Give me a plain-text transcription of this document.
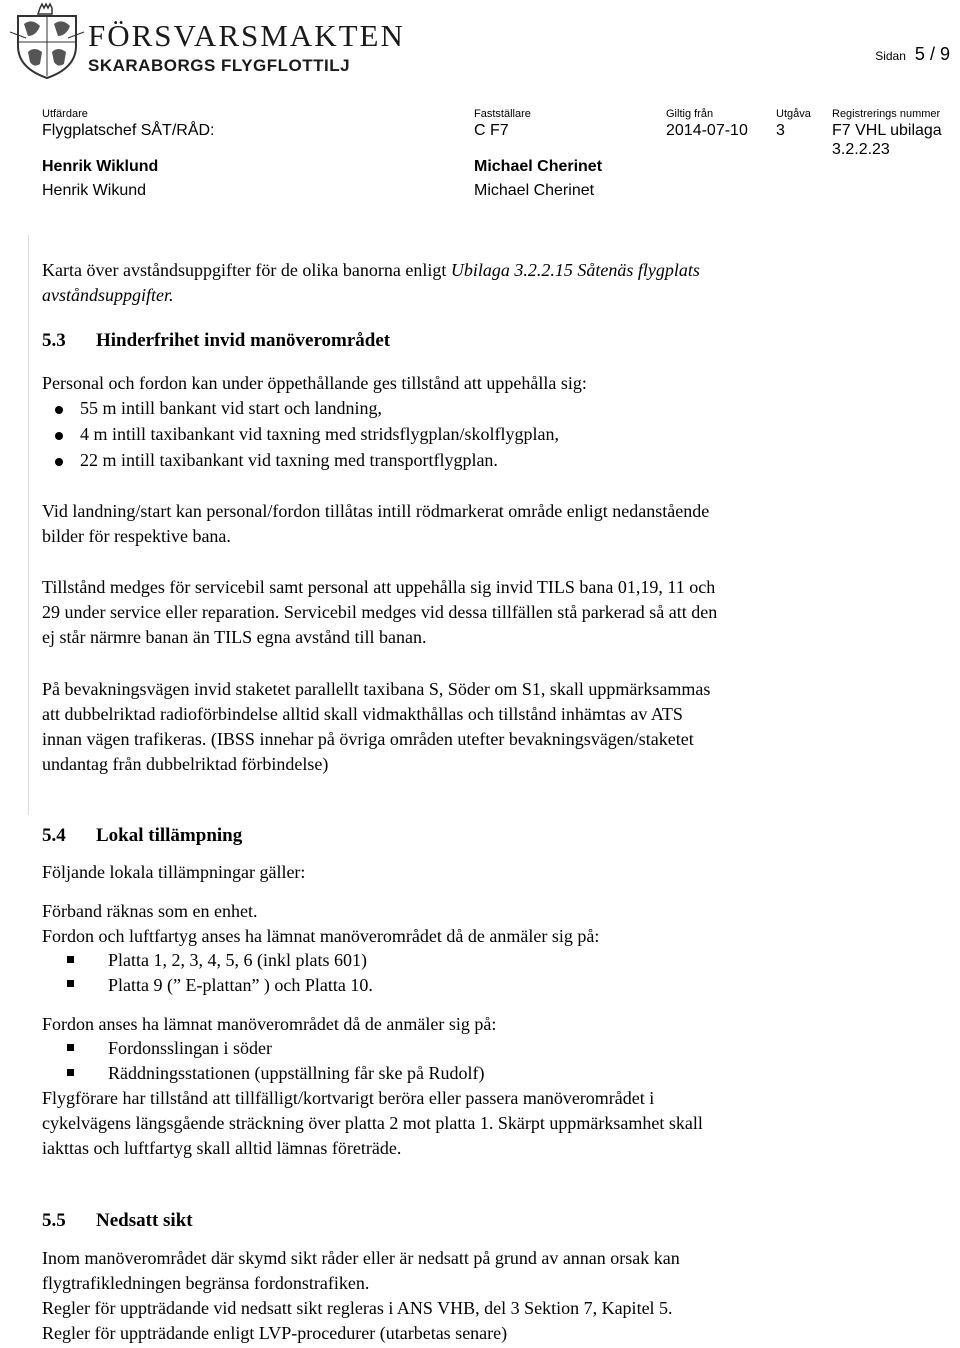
FÖRSVARSMAKTEN
SKARABORGS FLYGFLOTTILJ	Sidan 5 / 9
Utfärdare
Flygplatschef SÅT/RÅD:
Henrik Wiklund
Henrik Wikund
Fastställare
C F7
Michael Cherinet
Michael Cherinet
Giltig från
2014-07-10
Utgåva
3
Registrerings nummer
F7 VHL ubilaga
3.2.2.23
Karta över avståndsuppgifter för de olika banorna enligt Ubilaga 3.2.2.15 Såtenäs flygplats
avståndsuppgifter.
5.3 Hinderfrihet invid manöverområdet
Personal och fordon kan under öppethållande ges tillstånd att uppehålla sig:
55 m intill bankant vid start och landning,
4 m intill taxibankant vid taxning med stridsflygplan/skolflygplan,
22 m intill taxibankant vid taxning med transportflygplan.
Vid landning/start kan personal/fordon tillåtas intill rödmarkerat område enligt nedanstående
bilder för respektive bana.
Tillstånd medges för servicebil samt personal att uppehålla sig invid TILS bana 01,19, 11 och
29 under service eller reparation. Servicebil medges vid dessa tillfällen stå parkerad så att den
ej står närmre banan än TILS egna avstånd till banan.
På bevakningsvägen invid staketet parallellt taxibana S, Söder om S1, skall uppmärksammas
att dubbelriktad radioförbindelse alltid skall vidmakthållas och tillstånd inhämtas av ATS
innan vägen trafikeras. (IBSS innehar på övriga områden utefter bevakningsvägen/staketet
undantag från dubbelriktad förbindelse)
5.4 Lokal tillämpning
Följande lokala tillämpningar gäller:
Förband räknas som en enhet.
Fordon och luftfartyg anses ha lämnat manöverområdet då de anmäler sig på:
Platta 1, 2, 3, 4, 5, 6 (inkl plats 601)
Platta 9 (” E-plattan” ) och Platta 10.
Fordon anses ha lämnat manöverområdet då de anmäler sig på:
Fordonsslingan i söder
Räddningsstationen (uppställning får ske på Rudolf)
Flygförare har tillstånd att tillfälligt/kortvarigt beröra eller passera manöverområdet i
cykelvägens längsgående sträckning över platta 2 mot platta 1. Skärpt uppmärksamhet skall
iakttas och luftfartyg skall alltid lämnas företräde.
5.5 Nedsatt sikt
Inom manöverområdet där skymd sikt råder eller är nedsatt på grund av annan orsak kan
flygtrafikledningen begränsa fordonstrafiken.
Regler för uppträdande vid nedsatt sikt regleras i ANS VHB, del 3 Sektion 7, Kapitel 5.
Regler för uppträdande enligt LVP-procedurer (utarbetas senare)
